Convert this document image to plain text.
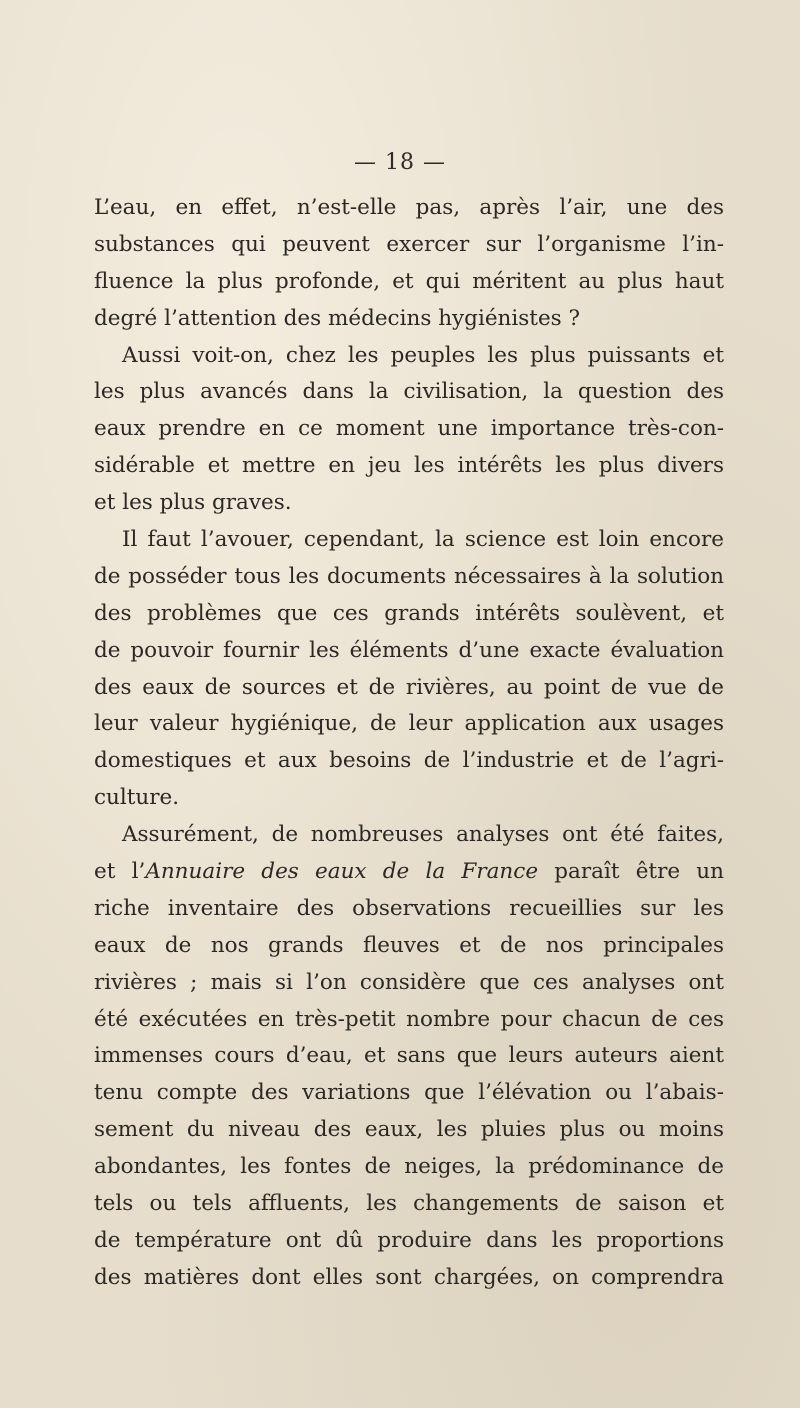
— 18 —
L’eau, en effet, n’est-elle pas, après l’air, une des
substances qui peuvent exercer sur l’organisme l’in-
fluence la plus profonde, et qui méritent au plus haut
degré l’attention des médecins hygiénistes ?
Aussi voit-on, chez les peuples les plus puissants et
les plus avancés dans la civilisation, la question des
eaux prendre en ce moment une importance très-con-
sidérable et mettre en jeu les intérêts les plus divers
et les plus graves.
Il faut l’avouer, cependant, la science est loin encore
de posséder tous les documents nécessaires à la solution
des problèmes que ces grands intérêts soulèvent, et
de pouvoir fournir les éléments d’une exacte évaluation
des eaux de sources et de rivières, au point de vue de
leur valeur hygiénique, de leur application aux usages
domestiques et aux besoins de l’industrie et de l’agri-
culture.
Assurément, de nombreuses analyses ont été faites,
et l’Annuaire des eaux de la France paraît être un
riche inventaire des observations recueillies sur les
eaux de nos grands fleuves et de nos principales
rivières ; mais si l’on considère que ces analyses ont
été exécutées en très-petit nombre pour chacun de ces
immenses cours d’eau, et sans que leurs auteurs aient
tenu compte des variations que l’élévation ou l’abais-
sement du niveau des eaux, les pluies plus ou moins
abondantes, les fontes de neiges, la prédominance de
tels ou tels affluents, les changements de saison et
de température ont dû produire dans les proportions
des matières dont elles sont chargées, on comprendra
